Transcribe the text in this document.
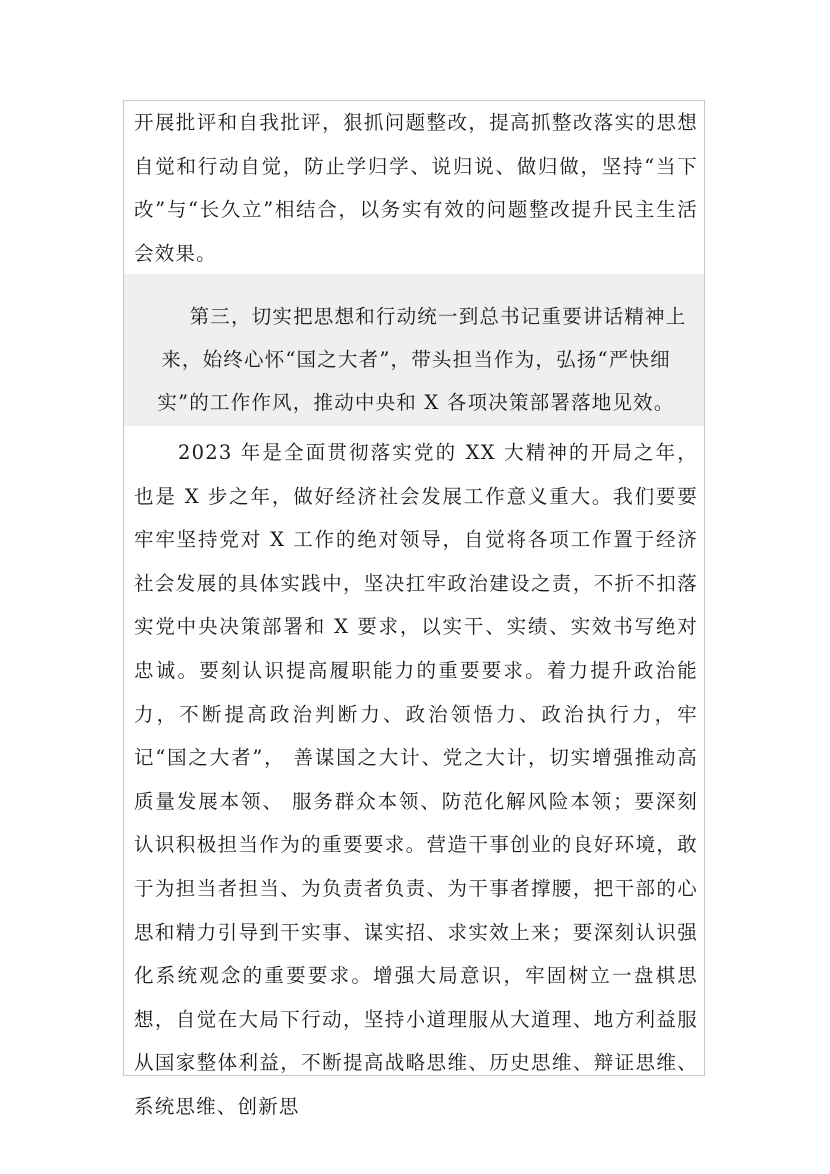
开展批评和自我批评，狠抓问题整改，提高抓整改落实的思想自觉和行动自觉，防止学归学、说归说、做归做，坚持“当下改”与“长久立”相结合，以务实有效的问题整改提升民主生活会效果。

第三，切实把思想和行动统一到总书记重要讲话精神上来，始终心怀“国之大者”，带头担当作为，弘扬“严快细实”的工作作风，推动中央和 X 各项决策部署落地见效。

2023 年是全面贯彻落实党的 XX 大精神的开局之年，也是 X 步之年，做好经济社会发展工作意义重大。我们要要牢牢坚持党对 X 工作的绝对领导，自觉将各项工作置于经济社会发展的具体实践中，坚决扛牢政治建设之责，不折不扣落实党中央决策部署和 X 要求，以实干、实绩、实效书写绝对忠诚。要刻认识提高履职能力的重要要求。着力提升政治能力，不断提高政治判断力、政治领悟力、政治执行力，牢记“国之大者”， 善谋国之大计、党之大计，切实增强推动高质量发展本领、 服务群众本领、防范化解风险本领；要深刻认识积极担当作为的重要要求。营造干事创业的良好环境，敢于为担当者担当、为负责者负责、为干事者撑腰，把干部的心思和精力引导到干实事、谋实招、求实效上来；要深刻认识强化系统观念的重要要求。增强大局意识，牢固树立一盘棋思想，自觉在大局下行动，坚持小道理服从大道理、地方利益服从国家整体利益，不断提高战略思维、历史思维、辩证思维、系统思维、创新思
